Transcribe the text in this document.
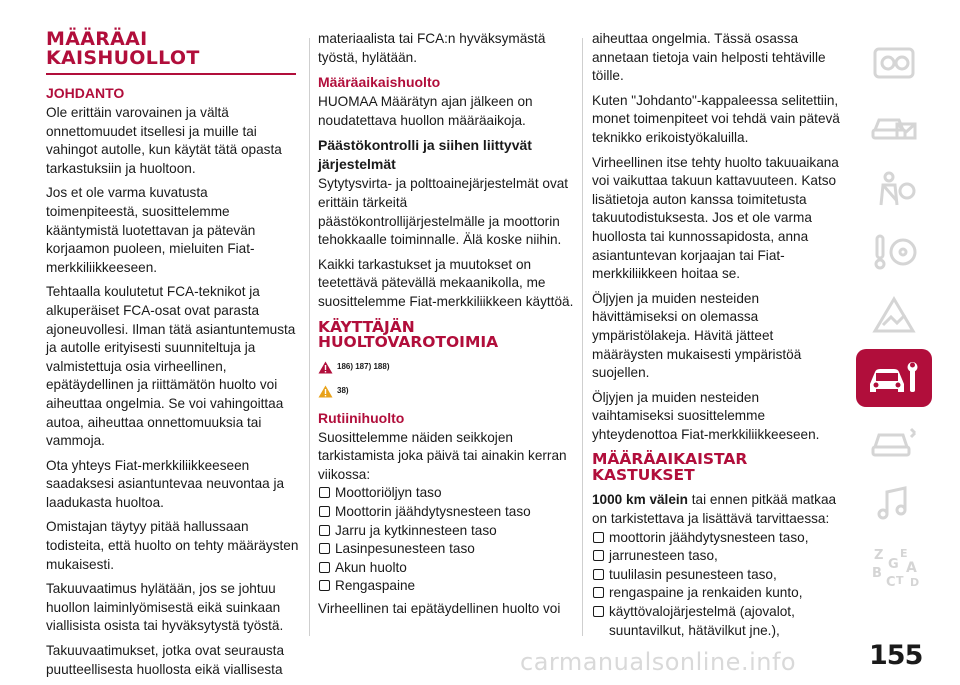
MÄÄRÄAI
KAISHUOLLOT
JOHDANTO

Ole erittäin varovainen ja vältä onnettomuudet itsellesi ja muille tai vahingot autolle, kun käytät tätä opasta tarkastuksiin ja huoltoon.

Jos et ole varma kuvatusta toimenpiteestä, suosittelemme kääntymistä luotettavan ja pätevän korjaamon puoleen, mieluiten Fiat-merkkiliikkeeseen.

Tehtaalla koulutetut FCA-teknikot ja alkuperäiset FCA-osat ovat parasta ajoneuvollesi. Ilman tätä asiantuntemusta ja autolle erityisesti suunniteltuja ja valmistettuja osia virheellinen, epätäydellinen ja riittämätön huolto voi aiheuttaa ongelmia. Se voi vahingoittaa autoa, aiheuttaa onnettomuuksia tai vammoja.

Ota yhteys Fiat-merkkiliikkeeseen saadaksesi asiantuntevaa neuvontaa ja laadukasta huoltoa.

Omistajan täytyy pitää hallussaan todisteita, että huolto on tehty määräysten mukaisesti.

Takuuvaatimus hylätään, jos se johtuu huollon laiminlyömisestä eikä suinkaan viallisista osista tai hyväksytystä työstä.

Takuuvaatimukset, jotka ovat seurausta puutteellisesta huollosta eikä viallisesta

materiaalista tai FCA:n hyväksymästä työstä, hylätään.

Määräaikaishuolto

HUOMAA Määrätyn ajan jälkeen on noudatettava huollon määräaikoja.

Päästökontrolli ja siihen liittyvät järjestelmät

Sytytysvirta- ja polttoainejärjestelmät ovat erittäin tärkeitä päästökontrollijärjestelmälle ja moottorin tehokkaalle toiminnalle. Älä koske niihin.

Kaikki tarkastukset ja muutokset on teetettävä pätevällä mekaanikolla, me suosittelemme Fiat-merkkiliikkeen käyttöä.

KÄYTTÄJÄN
HUOLTOVAROTOIMIA
186) 187) 188)
38)
Rutiinihuolto
Suosittelemme näiden seikkojen tarkistamista joka päivä tai ainakin kerran viikossa:
Moottoriöljyn taso
Moottorin jäähdytysnesteen taso
Jarru ja kytkinnesteen taso
Lasinpesunesteen taso
Akun huolto
Rengaspaine
Virheellinen tai epätäydellinen huolto voi

aiheuttaa ongelmia. Tässä osassa annetaan tietoja vain helposti tehtäville töille.

Kuten "Johdanto"-kappaleessa selitettiin, monet toimenpiteet voi tehdä vain pätevä teknikko erikoistyökaluilla.

Virheellinen itse tehty huolto takuuaikana voi vaikuttaa takuun kattavuuteen. Katso lisätietoja auton kanssa toimitetusta takuutodistuksesta. Jos et ole varma huollosta tai kunnossapidosta, anna asiantuntevan korjaajan tai Fiat-merkkiliikkeen hoitaa se.

Öljyjen ja muiden nesteiden hävittämiseksi on olemassa ympäristölakeja. Hävitä jätteet määräysten mukaisesti ympäristöä suojellen.

Öljyjen ja muiden nesteiden vaihtamiseksi suosittelemme yhteydenottoa Fiat-merkkiliikkeeseen.

MÄÄRÄAIKAISTAR
KASTUKSET
1000 km välein tai ennen pitkää matkaa on tarkistettava ja lisättävä tarvittaessa:
moottorin jäähdytysnesteen taso,
jarrunesteen taso,
tuulilasin pesunesteen taso,
rengaspaine ja renkaiden kunto,
käyttövalojärjestelmä (ajovalot, suuntavilkut, hätävilkut jne.),
Z E
G A
B
C T D
155
carmanualsonline.info
